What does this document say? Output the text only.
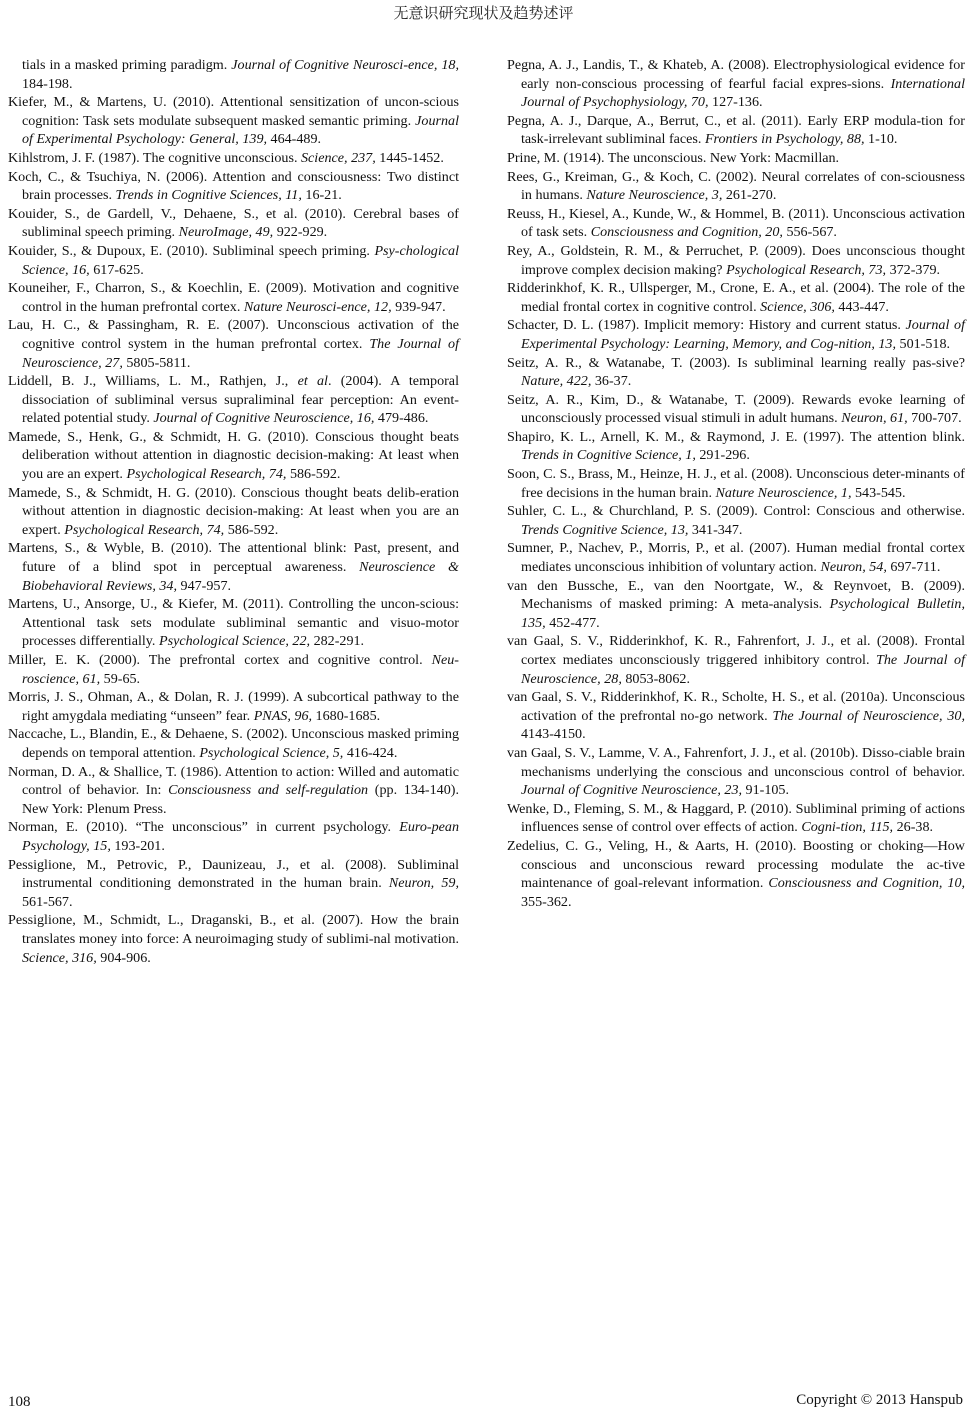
无意识研究现状及趋势述评

tials in a masked priming paradigm. Journal of Cognitive Neurosci-ence, 18, 184-198.

Kiefer, M., & Martens, U. (2010). Attentional sensitization of uncon-scious cognition: Task sets modulate subsequent masked semantic priming. Journal of Experimental Psychology: General, 139, 464-489.

Kihlstrom, J. F. (1987). The cognitive unconscious. Science, 237, 1445-1452.

Koch, C., & Tsuchiya, N. (2006). Attention and consciousness: Two distinct brain processes. Trends in Cognitive Sciences, 11, 16-21.

Kouider, S., de Gardell, V., Dehaene, S., et al. (2010). Cerebral bases of subliminal speech priming. NeuroImage, 49, 922-929.

Kouider, S., & Dupoux, E. (2010). Subliminal speech priming. Psy-chological Science, 16, 617-625.

Kouneiher, F., Charron, S., & Koechlin, E. (2009). Motivation and cognitive control in the human prefrontal cortex. Nature Neurosci-ence, 12, 939-947.

Lau, H. C., & Passingham, R. E. (2007). Unconscious activation of the cognitive control system in the human prefrontal cortex. The Journal of Neuroscience, 27, 5805-5811.

Liddell, B. J., Williams, L. M., Rathjen, J., et al. (2004). A temporal dissociation of subliminal versus supraliminal fear perception: An event-related potential study. Journal of Cognitive Neuroscience, 16, 479-486.

Mamede, S., Henk, G., & Schmidt, H. G. (2010). Conscious thought beats deliberation without attention in diagnostic decision-making: At least when you are an expert. Psychological Research, 74, 586-592.

Mamede, S., & Schmidt, H. G. (2010). Conscious thought beats delib-eration without attention in diagnostic decision-making: At least when you are an expert. Psychological Research, 74, 586-592.

Martens, S., & Wyble, B. (2010). The attentional blink: Past, present, and future of a blind spot in perceptual awareness. Neuroscience & Biobehavioral Reviews, 34, 947-957.

Martens, U., Ansorge, U., & Kiefer, M. (2011). Controlling the uncon-scious: Attentional task sets modulate subliminal semantic and visuo-motor processes differentially. Psychological Science, 22, 282-291.

Miller, E. K. (2000). The prefrontal cortex and cognitive control. Neu-roscience, 61, 59-65.

Morris, J. S., Ohman, A., & Dolan, R. J. (1999). A subcortical pathway to the right amygdala mediating “unseen” fear. PNAS, 96, 1680-1685.

Naccache, L., Blandin, E., & Dehaene, S. (2002). Unconscious masked priming depends on temporal attention. Psychological Science, 5, 416-424.

Norman, D. A., & Shallice, T. (1986). Attention to action: Willed and automatic control of behavior. In: Consciousness and self-regulation (pp. 134-140). New York: Plenum Press.

Norman, E. (2010). “The unconscious” in current psychology. Euro-pean Psychology, 15, 193-201.

Pessiglione, M., Petrovic, P., Daunizeau, J., et al. (2008). Subliminal instrumental conditioning demonstrated in the human brain. Neuron, 59, 561-567.

Pessiglione, M., Schmidt, L., Draganski, B., et al. (2007). How the brain translates money into force: A neuroimaging study of sublimi-nal motivation. Science, 316, 904-906.

Pegna, A. J., Landis, T., & Khateb, A. (2008). Electrophysiological evidence for early non-conscious processing of fearful facial expres-sions. International Journal of Psychophysiology, 70, 127-136.

Pegna, A. J., Darque, A., Berrut, C., et al. (2011). Early ERP modula-tion for task-irrelevant subliminal faces. Frontiers in Psychology, 88, 1-10.

Prine, M. (1914). The unconscious. New York: Macmillan.

Rees, G., Kreiman, G., & Koch, C. (2002). Neural correlates of con-sciousness in humans. Nature Neuroscience, 3, 261-270.

Reuss, H., Kiesel, A., Kunde, W., & Hommel, B. (2011). Unconscious activation of task sets. Consciousness and Cognition, 20, 556-567.

Rey, A., Goldstein, R. M., & Perruchet, P. (2009). Does unconscious thought improve complex decision making? Psychological Research, 73, 372-379.

Ridderinkhof, K. R., Ullsperger, M., Crone, E. A., et al. (2004). The role of the medial frontal cortex in cognitive control. Science, 306, 443-447.

Schacter, D. L. (1987). Implicit memory: History and current status. Journal of Experimental Psychology: Learning, Memory, and Cog-nition, 13, 501-518.

Seitz, A. R., & Watanabe, T. (2003). Is subliminal learning really pas-sive? Nature, 422, 36-37.

Seitz, A. R., Kim, D., & Watanabe, T. (2009). Rewards evoke learning of unconsciously processed visual stimuli in adult humans. Neuron, 61, 700-707.

Shapiro, K. L., Arnell, K. M., & Raymond, J. E. (1997). The attention blink. Trends in Cognitive Science, 1, 291-296.

Soon, C. S., Brass, M., Heinze, H. J., et al. (2008). Unconscious deter-minants of free decisions in the human brain. Nature Neuroscience, 1, 543-545.

Suhler, C. L., & Churchland, P. S. (2009). Control: Conscious and otherwise. Trends Cognitive Science, 13, 341-347.

Sumner, P., Nachev, P., Morris, P., et al. (2007). Human medial frontal cortex mediates unconscious inhibition of voluntary action. Neuron, 54, 697-711.

van den Bussche, E., van den Noortgate, W., & Reynvoet, B. (2009). Mechanisms of masked priming: A meta-analysis. Psychological Bulletin, 135, 452-477.

van Gaal, S. V., Ridderinkhof, K. R., Fahrenfort, J. J., et al. (2008). Frontal cortex mediates unconsciously triggered inhibitory control. The Journal of Neuroscience, 28, 8053-8062.

van Gaal, S. V., Ridderinkhof, K. R., Scholte, H. S., et al. (2010a). Unconscious activation of the prefrontal no-go network. The Journal of Neuroscience, 30, 4143-4150.

van Gaal, S. V., Lamme, V. A., Fahrenfort, J. J., et al. (2010b). Disso-ciable brain mechanisms underlying the conscious and unconscious control of behavior. Journal of Cognitive Neuroscience, 23, 91-105.

Wenke, D., Fleming, S. M., & Haggard, P. (2010). Subliminal priming of actions influences sense of control over effects of action. Cogni-tion, 115, 26-38.

Zedelius, C. G., Veling, H., & Aarts, H. (2010). Boosting or choking—How conscious and unconscious reward processing modulate the ac-tive maintenance of goal-relevant information. Consciousness and Cognition, 10, 355-362.

108	Copyright © 2013 Hanspub
